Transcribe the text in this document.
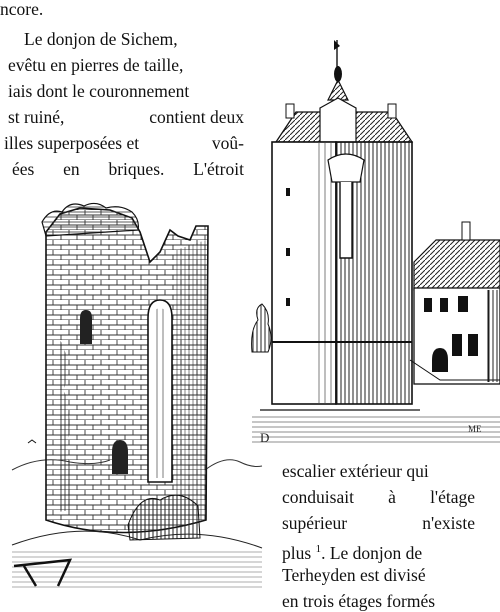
ncore.
Le donjon de Sichem,
evêtu en pierres de taille,
iais dont le couronnement
st ruiné,	contient deux
illes superposées et	voû-
ées en briques. L'étroit
D
ME
escalier extérieur qui
conduisait à l'étage
supérieur	n'existe
plus $^1$. Le donjon de
Terheyden est divisé
en trois étages formés
